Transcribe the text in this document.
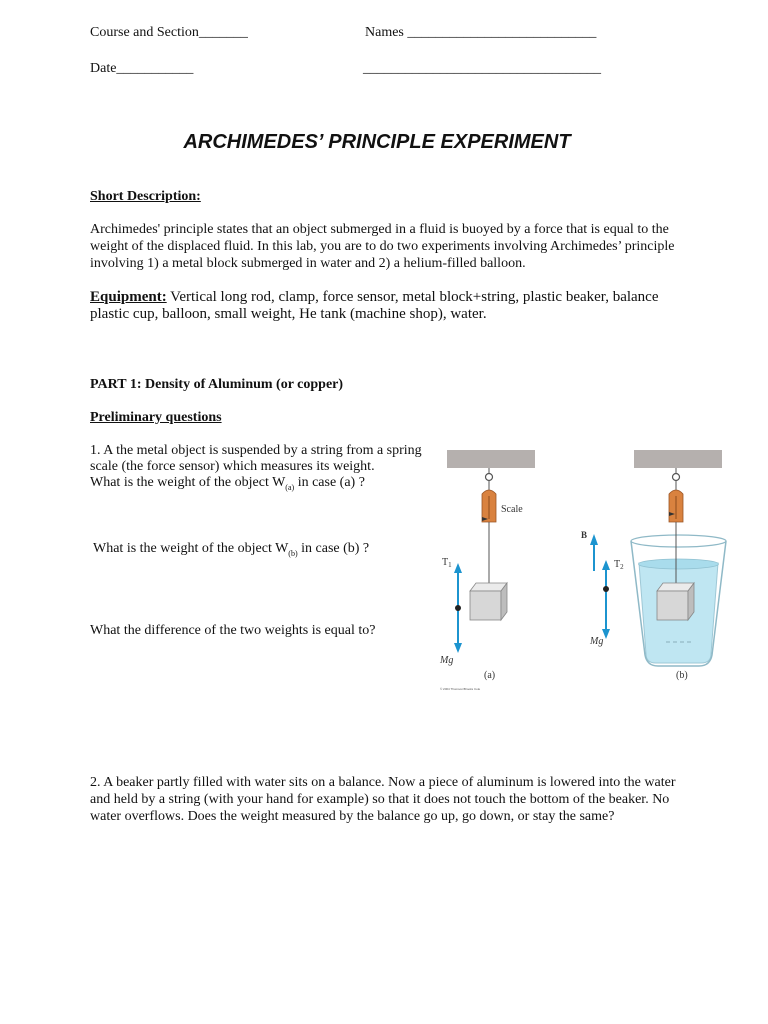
Course and Section_______	Names ___________________________
Date___________	__________________________________
ARCHIMEDES’ PRINCIPLE EXPERIMENT
Short Description:
Archimedes' principle states that an object submerged in a fluid is buoyed by a force that is equal to the
weight of the displaced fluid. In this lab, you are to do two experiments involving Archimedes’ principle
involving 1) a metal block submerged in water and 2) a helium-filled balloon.
Equipment: Vertical long rod, clamp, force sensor, metal block+string, plastic beaker, balance
plastic cup, balloon, small weight, He tank (machine shop), water.
PART 1: Density of Aluminum (or copper)
Preliminary questions
1. A the metal object is suspended by a string from a spring
scale (the force sensor) which measures its weight.
What is the weight of the object $W_{(a)}$ in case (a) ?
What is the weight of the object $W_{(b)}$ in case (b) ?
What the difference of the two weights is equal to?
Scale
$T_1$
Mg
(a)
© 2004 Thomson/Brooks Cole
B
$T_2$
Mg
(b)
2. A beaker partly filled with water sits on a balance. Now a piece of aluminum is lowered into the water
and held by a string (with your hand for example) so that it does not touch the bottom of the beaker. No
water overflows. Does the weight measured by the balance go up, go down, or stay the same?
